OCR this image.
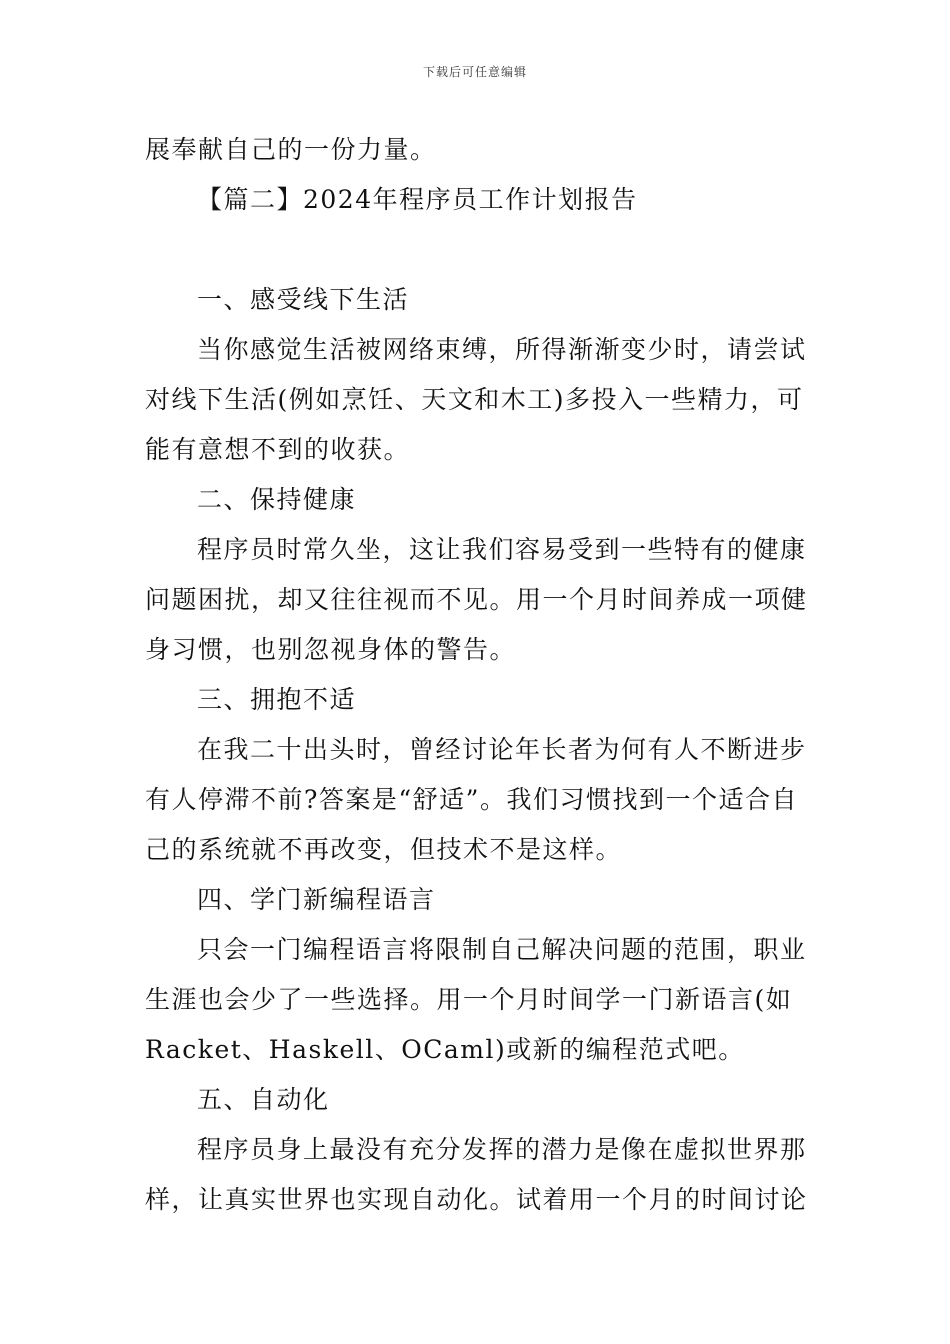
下载后可任意编辑
展奉献自己的一份力量。
【篇二】2024年程序员工作计划报告
一、感受线下生活
当你感觉生活被网络束缚，所得渐渐变少时，请尝试
对线下生活(例如烹饪、天文和木工)多投入一些精力，可
能有意想不到的收获。
二、保持健康
程序员时常久坐，这让我们容易受到一些特有的健康
问题困扰，却又往往视而不见。用一个月时间养成一项健
身习惯，也别忽视身体的警告。
三、拥抱不适
在我二十出头时，曾经讨论年长者为何有人不断进步
有人停滞不前?答案是“舒适”。我们习惯找到一个适合自
己的系统就不再改变，但技术不是这样。
四、学门新编程语言
只会一门编程语言将限制自己解决问题的范围，职业
生涯也会少了一些选择。用一个月时间学一门新语言(如
Racket、Haskell、OCaml)或新的编程范式吧。
五、自动化
程序员身上最没有充分发挥的潜力是像在虚拟世界那
样，让真实世界也实现自动化。试着用一个月的时间讨论
